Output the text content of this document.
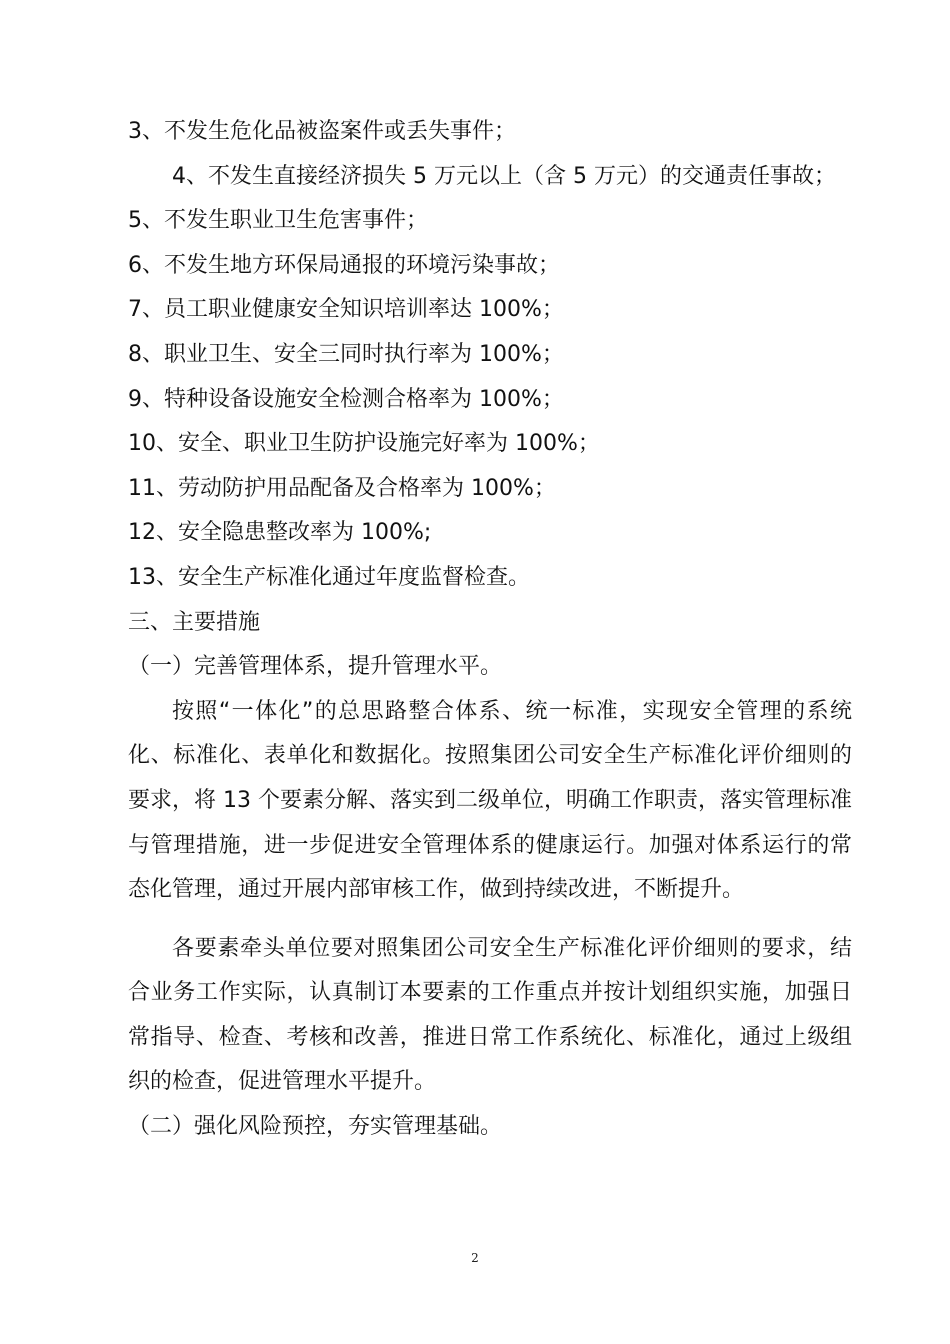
3、不发生危化品被盗案件或丢失事件；

4、不发生直接经济损失 5 万元以上（含 5 万元）的交通责任事故；

5、不发生职业卫生危害事件；

6、不发生地方环保局通报的环境污染事故；

7、员工职业健康安全知识培训率达 100%；

8、职业卫生、安全三同时执行率为 100%；

9、特种设备设施安全检测合格率为 100%；

10、安全、职业卫生防护设施完好率为 100%；

11、劳动防护用品配备及合格率为 100%；

12、安全隐患整改率为 100%;

13、安全生产标准化通过年度监督检查。

三、主要措施

（一）完善管理体系，提升管理水平。

按照“一体化”的总思路整合体系、统一标准，实现安全管理的系统化、标准化、表单化和数据化。按照集团公司安全生产标准化评价细则的要求，将 13 个要素分解、落实到二级单位，明确工作职责，落实管理标准与管理措施，进一步促进安全管理体系的健康运行。加强对体系运行的常态化管理，通过开展内部审核工作，做到持续改进，不断提升。

各要素牵头单位要对照集团公司安全生产标准化评价细则的要求，结合业务工作实际，认真制订本要素的工作重点并按计划组织实施，加强日常指导、检查、考核和改善，推进日常工作系统化、标准化，通过上级组织的检查，促进管理水平提升。

（二）强化风险预控，夯实管理基础。

2
